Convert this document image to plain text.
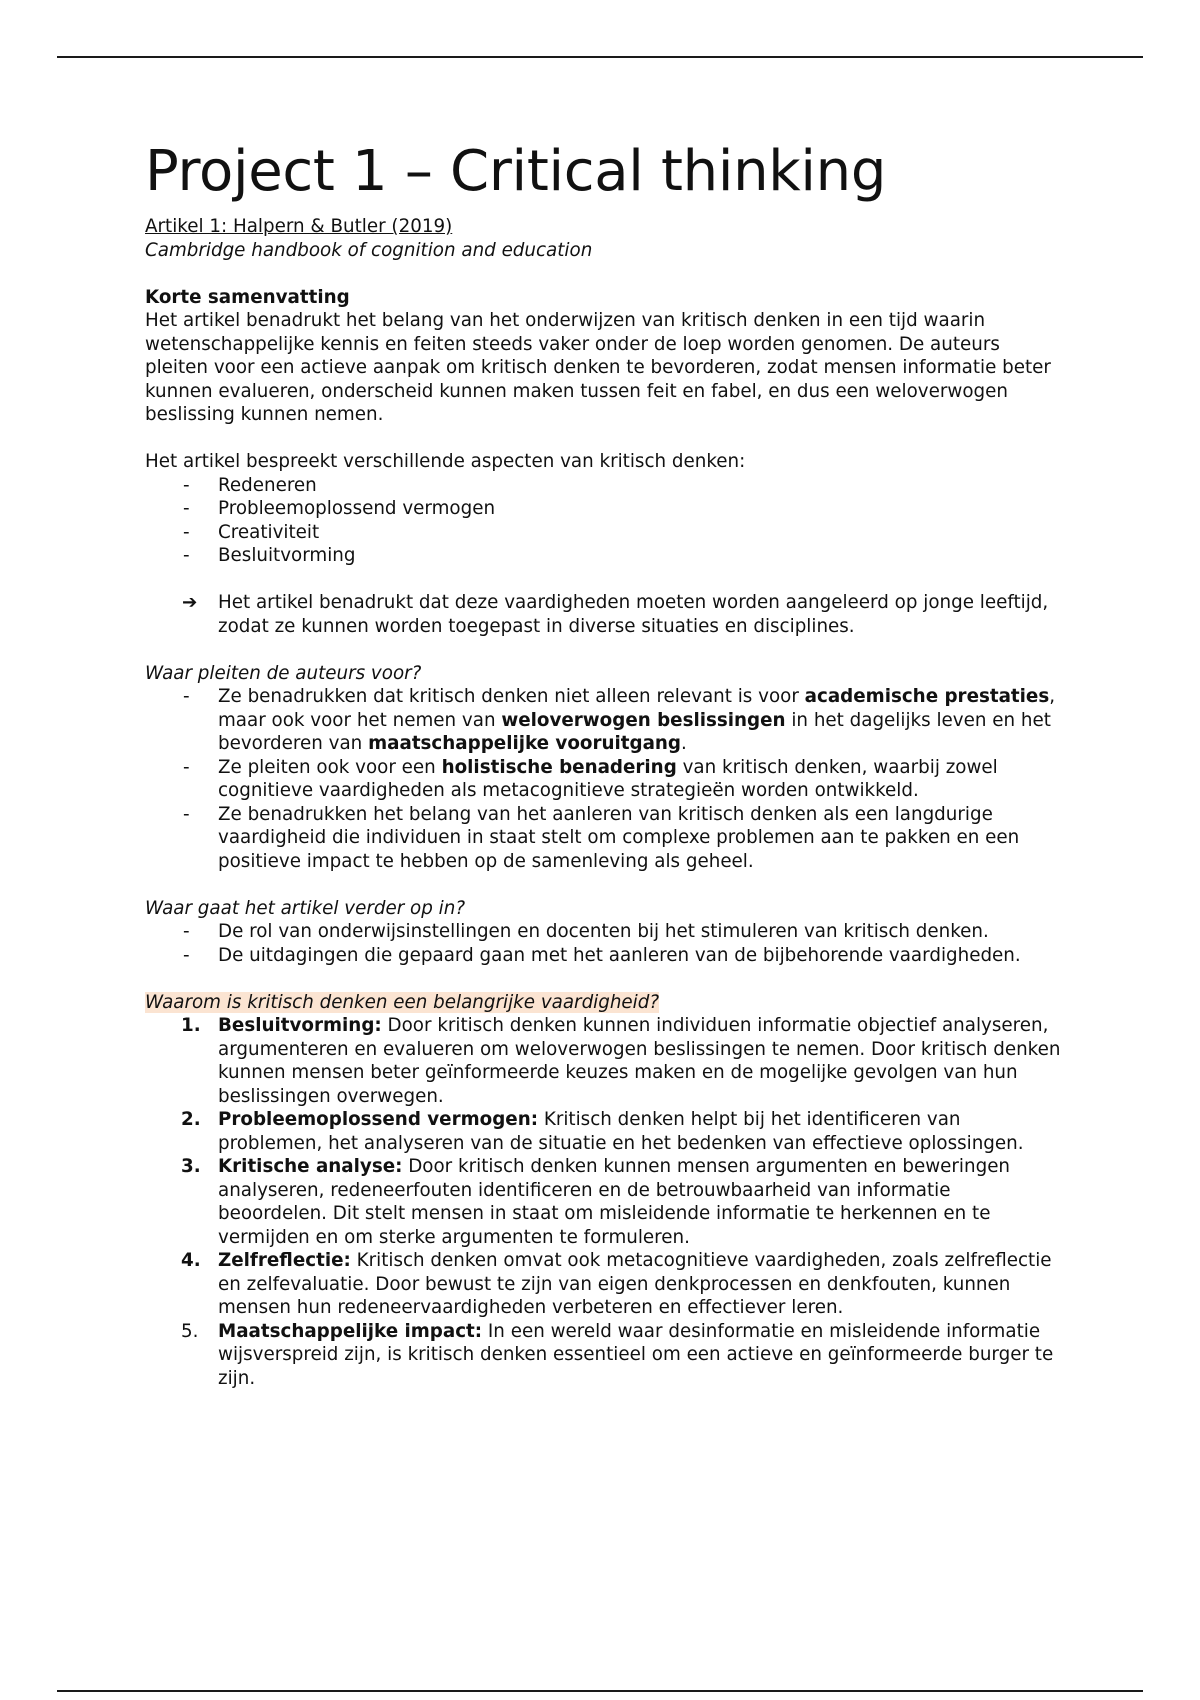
Project 1 – Critical thinking

Artikel 1: Halpern & Butler (2019)

Cambridge handbook of cognition and education

Korte samenvatting

Het artikel benadrukt het belang van het onderwijzen van kritisch denken in een tijd waarin wetenschappelijke kennis en feiten steeds vaker onder de loep worden genomen. De auteurs pleiten voor een actieve aanpak om kritisch denken te bevorderen, zodat mensen informatie beter kunnen evalueren, onderscheid kunnen maken tussen feit en fabel, en dus een weloverwogen beslissing kunnen nemen.

Het artikel bespreekt verschillende aspecten van kritisch denken:

- Redeneren
- Probleemoplossend vermogen
- Creativiteit
- Besluitvorming
➔ Het artikel benadrukt dat deze vaardigheden moeten worden aangeleerd op jonge leeftijd, zodat ze kunnen worden toegepast in diverse situaties en disciplines.

Waar pleiten de auteurs voor?

- Ze benadrukken dat kritisch denken niet alleen relevant is voor academische prestaties, maar ook voor het nemen van weloverwogen beslissingen in het dagelijks leven en het bevorderen van maatschappelijke vooruitgang.
- Ze pleiten ook voor een holistische benadering van kritisch denken, waarbij zowel cognitieve vaardigheden als metacognitieve strategieën worden ontwikkeld.
- Ze benadrukken het belang van het aanleren van kritisch denken als een langdurige vaardigheid die individuen in staat stelt om complexe problemen aan te pakken en een positieve impact te hebben op de samenleving als geheel.

Waar gaat het artikel verder op in?

- De rol van onderwijsinstellingen en docenten bij het stimuleren van kritisch denken.
- De uitdagingen die gepaard gaan met het aanleren van de bijbehorende vaardigheden.

Waarom is kritisch denken een belangrijke vaardigheid?

1. Besluitvorming: Door kritisch denken kunnen individuen informatie objectief analyseren, argumenteren en evalueren om weloverwogen beslissingen te nemen. Door kritisch denken kunnen mensen beter geïnformeerde keuzes maken en de mogelijke gevolgen van hun beslissingen overwegen.
2. Probleemoplossend vermogen: Kritisch denken helpt bij het identificeren van problemen, het analyseren van de situatie en het bedenken van effectieve oplossingen.
3. Kritische analyse: Door kritisch denken kunnen mensen argumenten en beweringen analyseren, redeneerfouten identificeren en de betrouwbaarheid van informatie beoordelen. Dit stelt mensen in staat om misleidende informatie te herkennen en te vermijden en om sterke argumenten te formuleren.
4. Zelfreflectie: Kritisch denken omvat ook metacognitieve vaardigheden, zoals zelfreflectie en zelfevaluatie. Door bewust te zijn van eigen denkprocessen en denkfouten, kunnen mensen hun redeneervaardigheden verbeteren en effectiever leren.
5. Maatschappelijke impact: In een wereld waar desinformatie en misleidende informatie wijsverspreid zijn, is kritisch denken essentieel om een actieve en geïnformeerde burger te zijn.
